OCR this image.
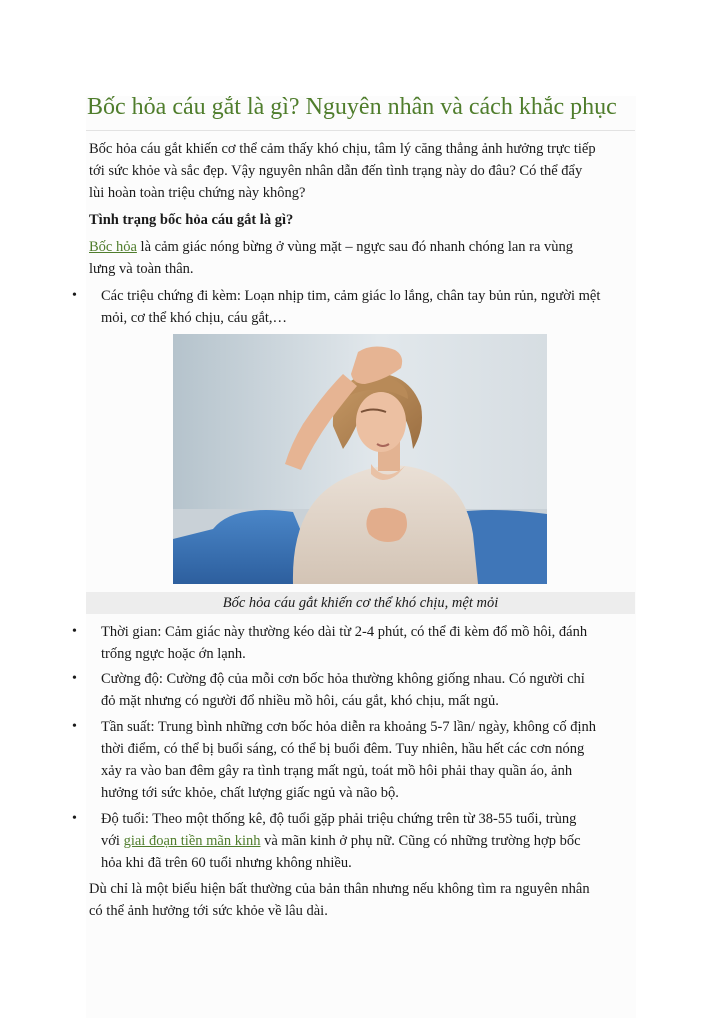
Bốc hỏa cáu gắt là gì? Nguyên nhân và cách khắc phục

Bốc hỏa cáu gắt khiến cơ thể cảm thấy khó chịu, tâm lý căng thẳng ảnh hưởng trực tiếp

tới sức khỏe và sắc đẹp. Vậy nguyên nhân dẫn đến tình trạng này do đâu? Có thể đẩy

lùi hoàn toàn triệu chứng này không?

Tình trạng bốc hỏa cáu gắt là gì?

Bốc hỏa là cảm giác nóng bừng ở vùng mặt – ngực sau đó nhanh chóng lan ra vùng

lưng và toàn thân.

• Các triệu chứng đi kèm: Loạn nhịp tim, cảm giác lo lắng, chân tay bủn rủn, người mệt

mỏi, cơ thể khó chịu, cáu gắt,…

Bốc hỏa cáu gắt khiến cơ thể khó chịu, mệt mỏi

• Thời gian: Cảm giác này thường kéo dài từ 2-4 phút, có thể đi kèm đổ mồ hôi, đánh

trống ngực hoặc ớn lạnh.

• Cường độ: Cường độ của mỗi cơn bốc hỏa thường không giống nhau. Có người chỉ

đỏ mặt nhưng có người đổ nhiều mồ hôi, cáu gắt, khó chịu, mất ngủ.

• Tần suất: Trung bình những cơn bốc hỏa diễn ra khoảng 5-7 lần/ ngày, không cố định

thời điểm, có thể bị buổi sáng, có thể bị buổi đêm. Tuy nhiên, hầu hết các cơn nóng

xảy ra vào ban đêm gây ra tình trạng mất ngủ, toát mồ hôi phải thay quần áo, ảnh

hưởng tới sức khỏe, chất lượng giấc ngủ và não bộ.

• Độ tuổi: Theo một thống kê, độ tuổi gặp phải triệu chứng trên từ 38-55 tuổi, trùng

với giai đoạn tiền mãn kinh và mãn kinh ở phụ nữ. Cũng có những trường hợp bốc

hỏa khi đã trên 60 tuổi nhưng không nhiều.

Dù chỉ là một biểu hiện bất thường của bản thân nhưng nếu không tìm ra nguyên nhân

có thể ảnh hưởng tới sức khỏe về lâu dài.
